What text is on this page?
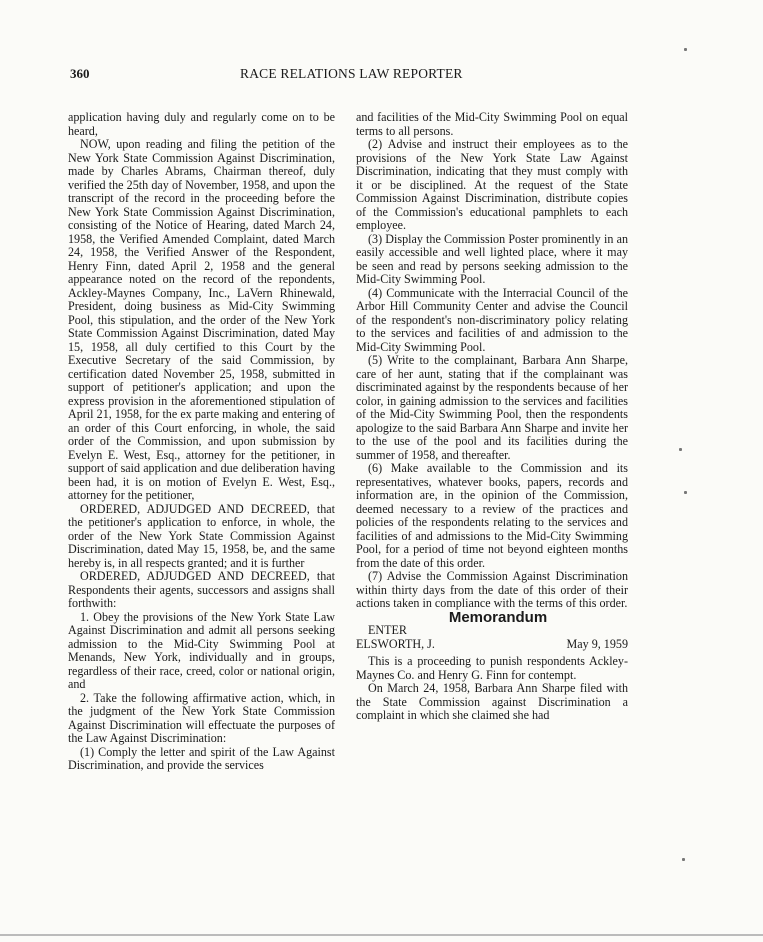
360	RACE RELATIONS LAW REPORTER

application having duly and regularly come on to be heard,

NOW, upon reading and filing the petition of the New York State Commission Against Discrimination, made by Charles Abrams, Chairman thereof, duly verified the 25th day of November, 1958, and upon the transcript of the record in the proceeding before the New York State Commission Against Discrimination, consisting of the Notice of Hearing, dated March 24, 1958, the Verified Amended Complaint, dated March 24, 1958, the Verified Answer of the Respondent, Henry Finn, dated April 2, 1958 and the general appearance noted on the record of the repondents, Ackley-Maynes Company, Inc., LaVern Rhinewald, President, doing business as Mid-City Swimming Pool, this stipulation, and the order of the New York State Commission Against Discrimination, dated May 15, 1958, all duly certified to this Court by the Executive Secretary of the said Commission, by certification dated November 25, 1958, submitted in support of petitioner's application; and upon the express provision in the aforementioned stipulation of April 21, 1958, for the ex parte making and entering of an order of this Court enforcing, in whole, the said order of the Commission, and upon submission by Evelyn E. West, Esq., attorney for the petitioner, in support of said application and due deliberation having been had, it is on motion of Evelyn E. West, Esq., attorney for the petitioner,

ORDERED, ADJUDGED AND DECREED, that the petitioner's application to enforce, in whole, the order of the New York State Commission Against Discrimination, dated May 15, 1958, be, and the same hereby is, in all respects granted; and it is further

ORDERED, ADJUDGED AND DECREED, that Respondents their agents, successors and assigns shall forthwith:

1. Obey the provisions of the New York State Law Against Discrimination and admit all persons seeking admission to the Mid-City Swimming Pool at Menands, New York, individually and in groups, regardless of their race, creed, color or national origin, and

2. Take the following affirmative action, which, in the judgment of the New York State Commission Against Discrimination will effectuate the purposes of the Law Against Discrimination:

(1) Comply the letter and spirit of the Law Against Discrimination, and provide the services

and facilities of the Mid-City Swimming Pool on equal terms to all persons.

(2) Advise and instruct their employees as to the provisions of the New York State Law Against Discrimination, indicating that they must comply with it or be disciplined. At the request of the State Commission Against Discrimination, distribute copies of the Commission's educational pamphlets to each employee.

(3) Display the Commission Poster prominently in an easily accessible and well lighted place, where it may be seen and read by persons seeking admission to the Mid-City Swimming Pool.

(4) Communicate with the Interracial Council of the Arbor Hill Community Center and advise the Council of the respondent's non-discriminatory policy relating to the services and facilities of and admission to the Mid-City Swimming Pool.

(5) Write to the complainant, Barbara Ann Sharpe, care of her aunt, stating that if the complainant was discriminated against by the respondents because of her color, in gaining admission to the services and facilities of the Mid-City Swimming Pool, then the respondents apologize to the said Barbara Ann Sharpe and invite her to the use of the pool and its facilities during the summer of 1958, and thereafter.

(6) Make available to the Commission and its representatives, whatever books, papers, records and information are, in the opinion of the Commission, deemed necessary to a review of the practices and policies of the respondents relating to the services and facilities of and admissions to the Mid-City Swimming Pool, for a period of time not beyond eighteen months from the date of this order.

(7) Advise the Commission Against Discrimination within thirty days from the date of this order of their actions taken in compliance with the terms of this order.

Memorandum

ENTER

ELSWORTH, J.	May 9, 1959

This is a proceeding to punish respondents Ackley-Maynes Co. and Henry G. Finn for contempt.

On March 24, 1958, Barbara Ann Sharpe filed with the State Commission against Discrimination a complaint in which she claimed she had
